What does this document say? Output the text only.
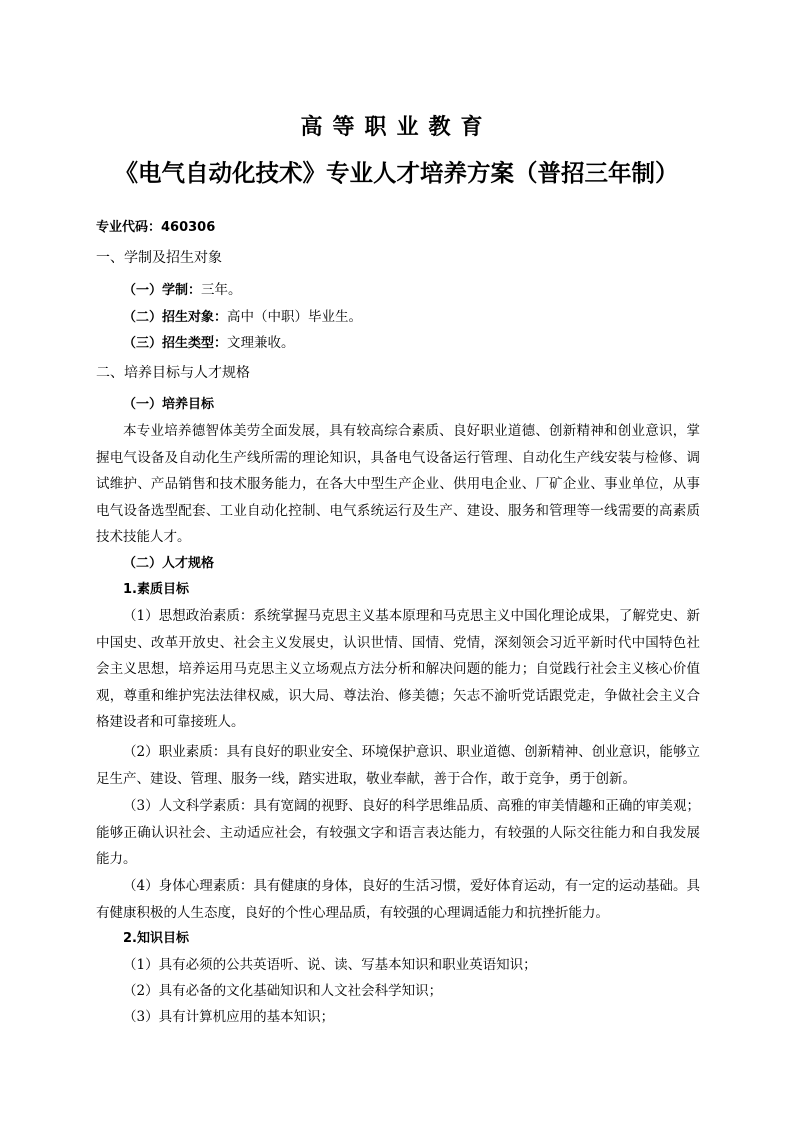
高等职业教育
《电气自动化技术》专业人才培养方案（普招三年制）
专业代码：460306
一、学制及招生对象
（一）学制：三年。
（二）招生对象：高中（中职）毕业生。
（三）招生类型：文理兼收。
二、培养目标与人才规格
（一）培养目标
本专业培养德智体美劳全面发展，具有较高综合素质、良好职业道德、创新精神和创业意识，掌握电气设备及自动化生产线所需的理论知识，具备电气设备运行管理、自动化生产线安装与检修、调试维护、产品销售和技术服务能力，在各大中型生产企业、供用电企业、厂矿企业、事业单位，从事电气设备选型配套、工业自动化控制、电气系统运行及生产、建设、服务和管理等一线需要的高素质技术技能人才。
（二）人才规格
1.素质目标
（1）思想政治素质：系统掌握马克思主义基本原理和马克思主义中国化理论成果，了解党史、新中国史、改革开放史、社会主义发展史，认识世情、国情、党情，深刻领会习近平新时代中国特色社会主义思想，培养运用马克思主义立场观点方法分析和解决问题的能力；自觉践行社会主义核心价值观，尊重和维护宪法法律权威，识大局、尊法治、修美德；矢志不渝听党话跟党走，争做社会主义合格建设者和可靠接班人。
（2）职业素质：具有良好的职业安全、环境保护意识、职业道德、创新精神、创业意识，能够立足生产、建设、管理、服务一线，踏实进取，敬业奉献，善于合作，敢于竞争，勇于创新。
（3）人文科学素质：具有宽阔的视野、良好的科学思维品质、高雅的审美情趣和正确的审美观；能够正确认识社会、主动适应社会，有较强文字和语言表达能力，有较强的人际交往能力和自我发展能力。
（4）身体心理素质：具有健康的身体，良好的生活习惯，爱好体育运动，有一定的运动基础。具有健康积极的人生态度，良好的个性心理品质，有较强的心理调适能力和抗挫折能力。
2.知识目标
（1）具有必须的公共英语听、说、读、写基本知识和职业英语知识；
（2）具有必备的文化基础知识和人文社会科学知识；
（3）具有计算机应用的基本知识；
